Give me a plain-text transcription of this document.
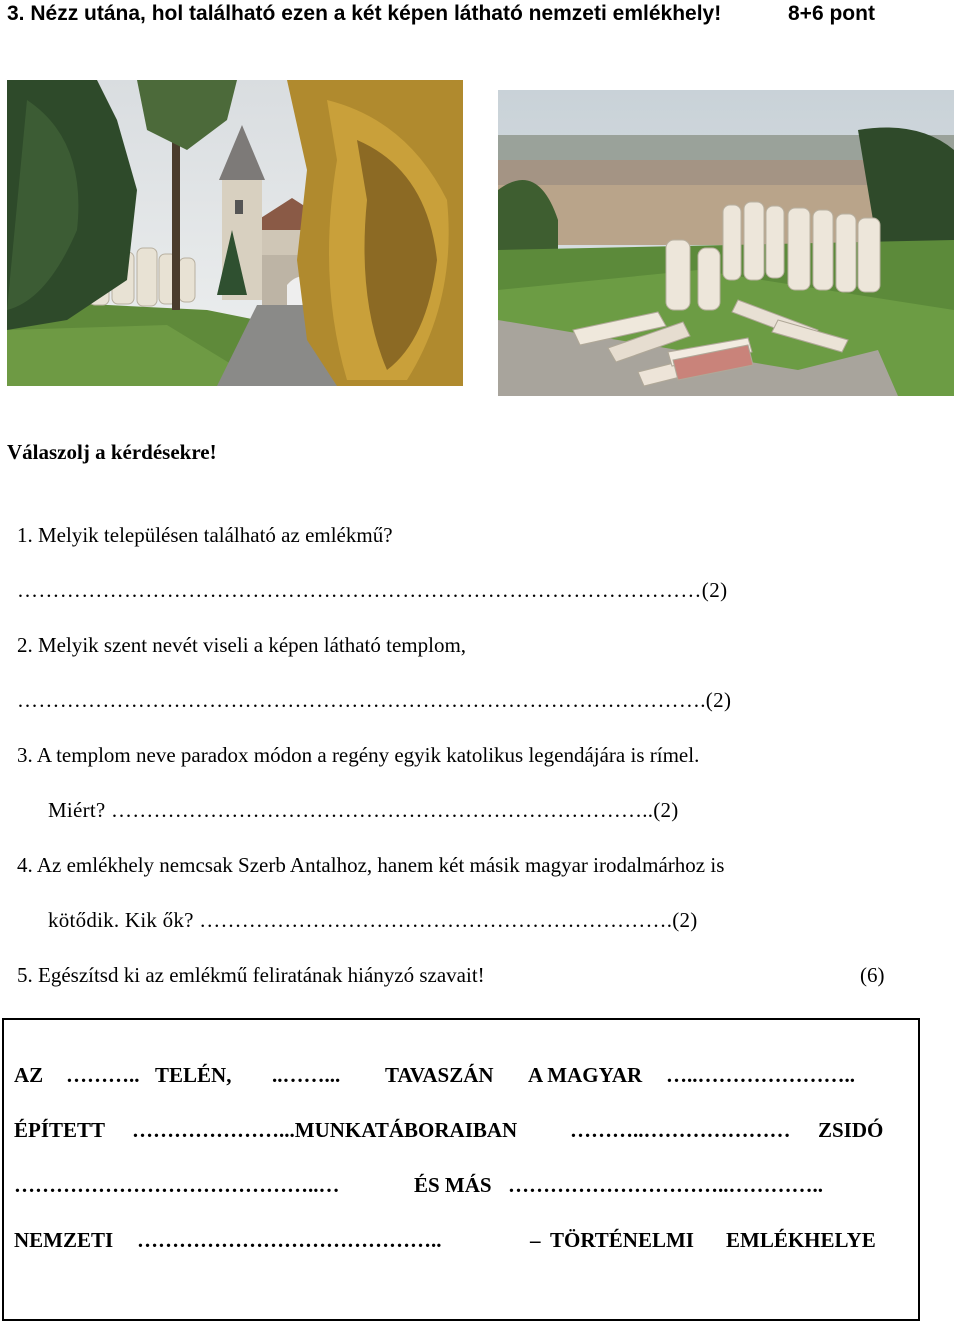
3. Nézz utána, hol található ezen a két képen látható nemzeti emlékhely!	8+6 pont
Válaszolj a kérdésekre!
1. Melyik településen található az emlékmű?
……………………………………………………………………………………(2)
2. Melyik szent nevét viseli a képen látható templom,
…………………………………………………………………………………….(2)
3. A templom neve paradox módon a regény egyik katolikus legendájára is rímel.
Miért? …………………………………………………………………..(2)
4. Az emlékhely nemcsak Szerb Antalhoz, hanem két másik magyar irodalmárhoz is
kötődik. Kik ők? ………………………………………………………….(2)
5. Egészítsd ki az emlékmű feliratának hiányzó szavait!	(6)
AZ ……….. TELÉN, ..……... TAVASZÁN A MAGYAR …..…………………..
ÉPÍTETT …………………...MUNKATÁBORAIBAN	………..………………… ZSIDÓ
……………………………………..…	ÉS MÁS …………………………..…………..
NEMZETI ……………………………………..	– TÖRTÉNELMI EMLÉKHELYE
